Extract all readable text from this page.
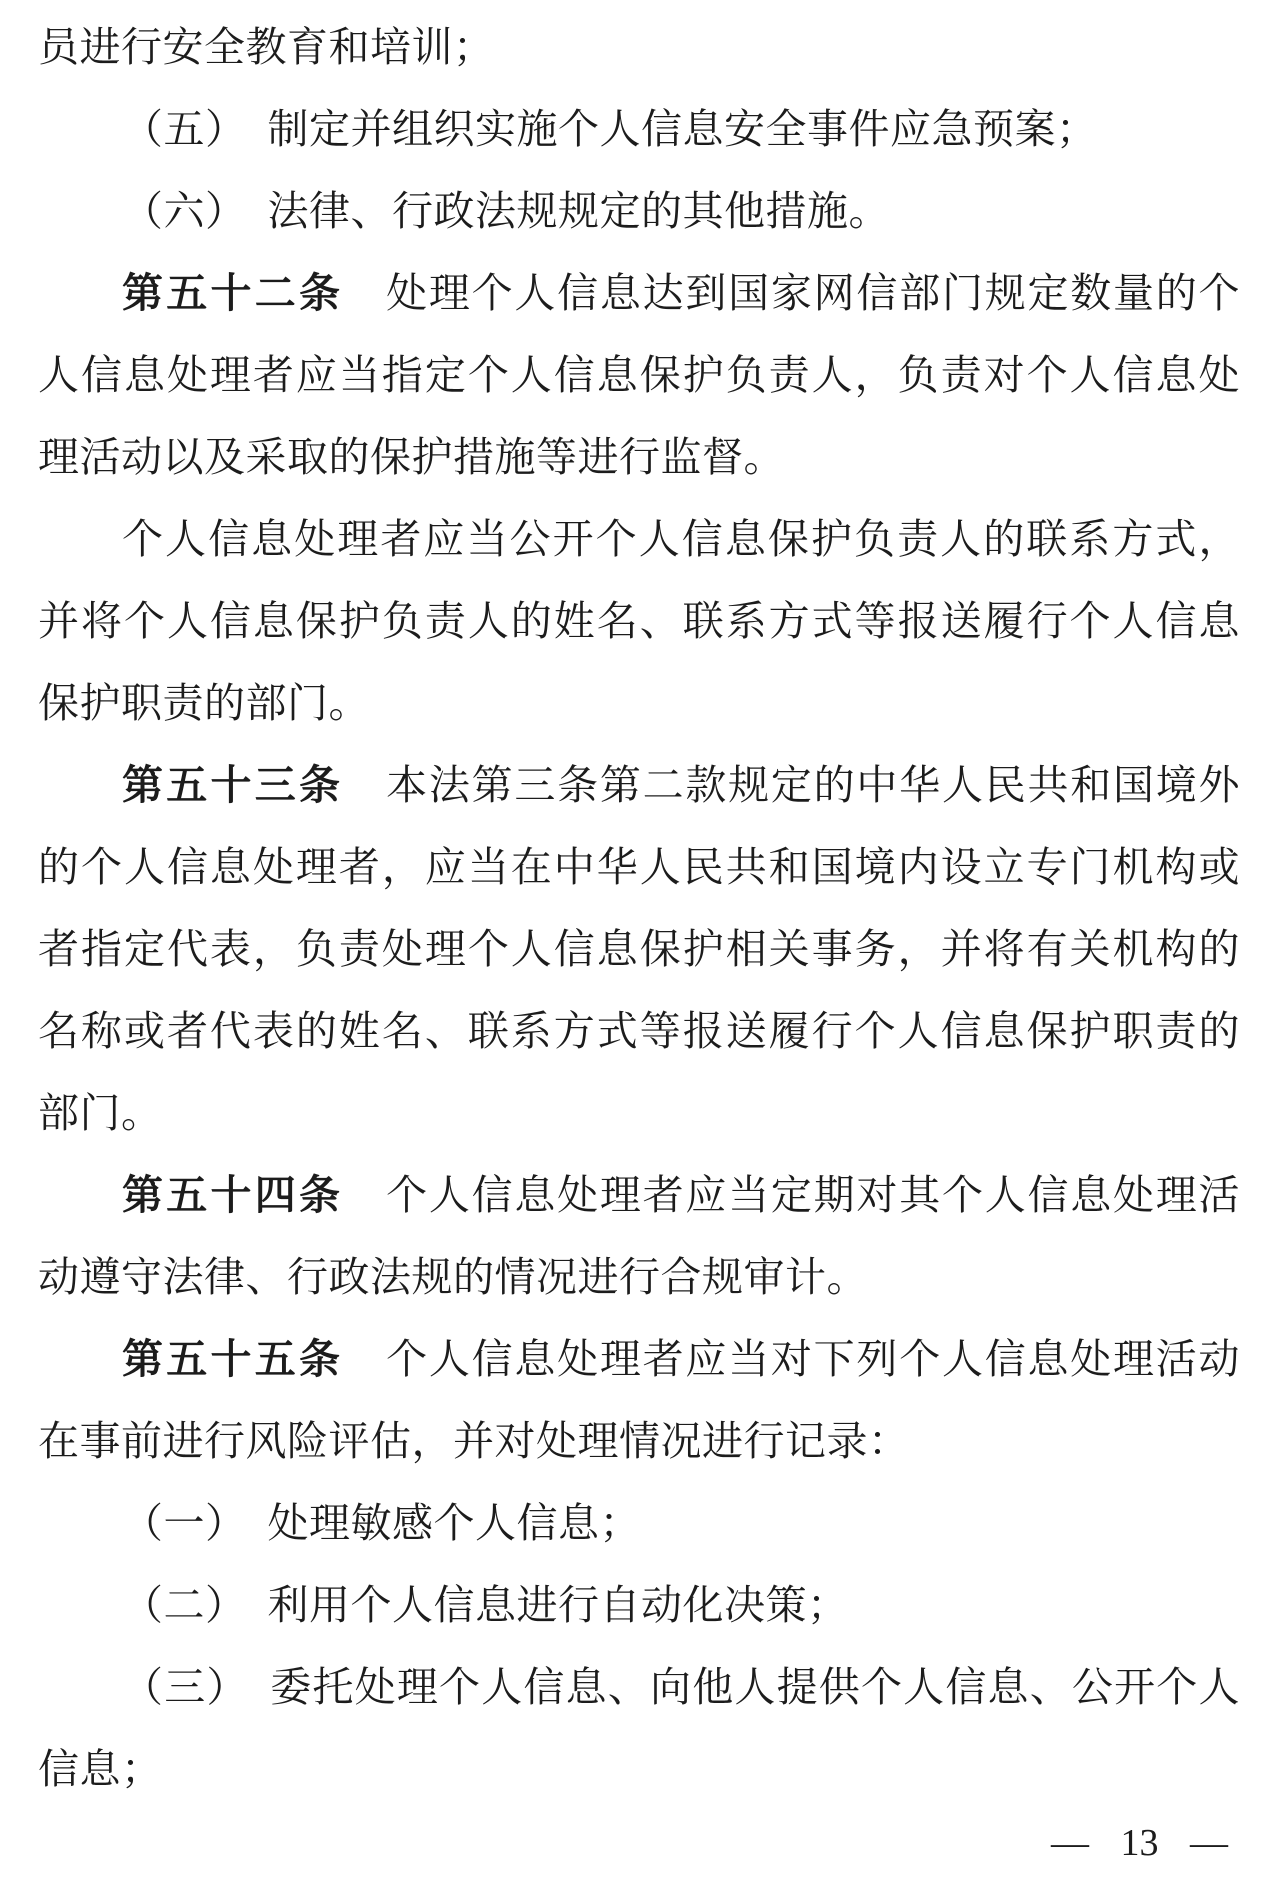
员进行安全教育和培训；
（五）　制定并组织实施个人信息安全事件应急预案；
（六）　法律、行政法规规定的其他措施。
第五十二条　处理个人信息达到国家网信部门规定数量的个
人信息处理者应当指定个人信息保护负责人，负责对个人信息处
理活动以及采取的保护措施等进行监督。
个人信息处理者应当公开个人信息保护负责人的联系方式，
并将个人信息保护负责人的姓名、联系方式等报送履行个人信息
保护职责的部门。
第五十三条　本法第三条第二款规定的中华人民共和国境外
的个人信息处理者，应当在中华人民共和国境内设立专门机构或
者指定代表，负责处理个人信息保护相关事务，并将有关机构的
名称或者代表的姓名、联系方式等报送履行个人信息保护职责的
部门。
第五十四条　个人信息处理者应当定期对其个人信息处理活
动遵守法律、行政法规的情况进行合规审计。
第五十五条　个人信息处理者应当对下列个人信息处理活动
在事前进行风险评估，并对处理情况进行记录：
（一）　处理敏感个人信息；
（二）　利用个人信息进行自动化决策；
（三）　委托处理个人信息、向他人提供个人信息、公开个人
信息；
— 13 —
